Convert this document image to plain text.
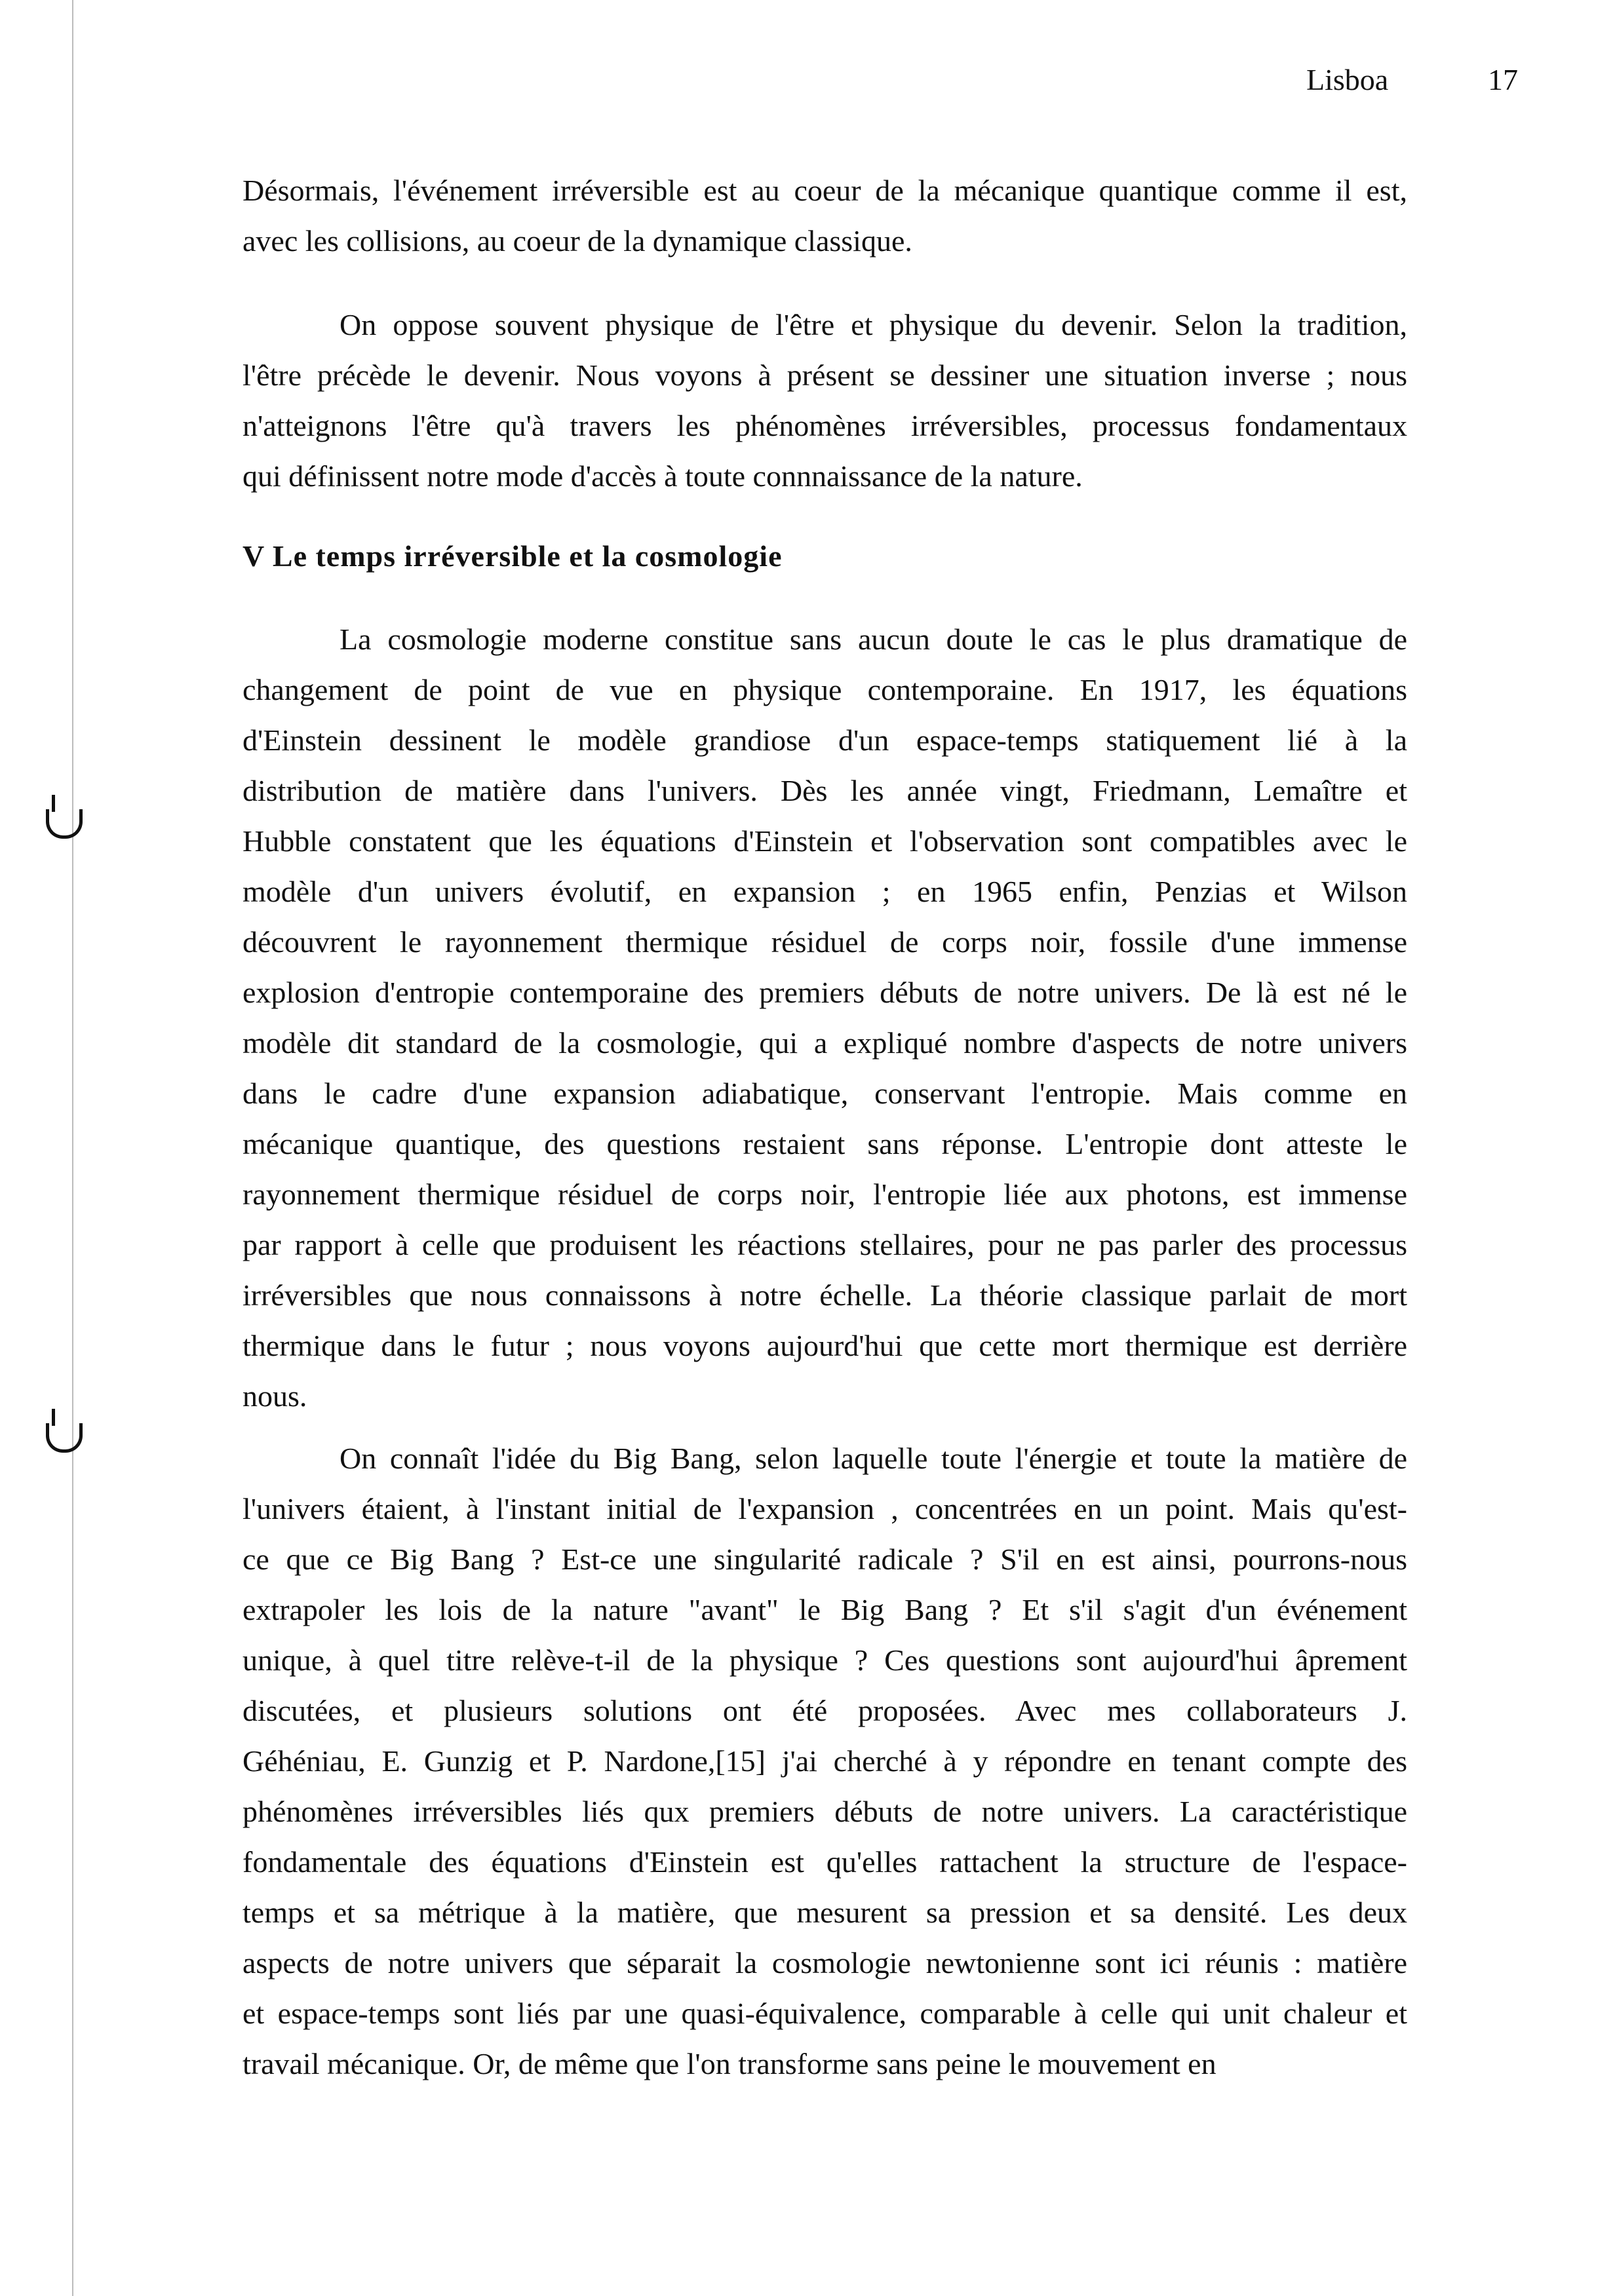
Lisboa	17
Désormais, l'événement irréversible est au coeur de la mécanique quantique comme il est,
avec les collisions, au coeur de la dynamique classique.
On oppose souvent physique de l'être et physique du devenir. Selon la tradition,
l'être précède le devenir. Nous voyons à présent se dessiner une situation inverse ; nous
n'atteignons l'être qu'à travers les phénomènes irréversibles, processus fondamentaux
qui définissent notre mode d'accès à toute connnaissance de la nature.
V Le temps irréversible et la cosmologie
La cosmologie moderne constitue sans aucun doute le cas le plus dramatique de
changement de point de vue en physique contemporaine. En 1917, les équations
d'Einstein dessinent le modèle grandiose d'un espace-temps statiquement lié à la
distribution de matière dans l'univers. Dès les année vingt, Friedmann, Lemaître et
Hubble constatent que les équations d'Einstein et l'observation sont compatibles avec le
modèle d'un univers évolutif, en expansion ; en 1965 enfin, Penzias et Wilson
découvrent le rayonnement thermique résiduel de corps noir, fossile d'une immense
explosion d'entropie contemporaine des premiers débuts de notre univers. De là est né le
modèle dit standard de la cosmologie, qui a expliqué nombre d'aspects de notre univers
dans le cadre d'une expansion adiabatique, conservant l'entropie. Mais comme en
mécanique quantique, des questions restaient sans réponse. L'entropie dont atteste le
rayonnement thermique résiduel de corps noir, l'entropie liée aux photons, est immense
par rapport à celle que produisent les réactions stellaires, pour ne pas parler des processus
irréversibles que nous connaissons à notre échelle. La théorie classique parlait de mort
thermique dans le futur ; nous voyons aujourd'hui que cette mort thermique est derrière
nous.
On connaît l'idée du Big Bang, selon laquelle toute l'énergie et toute la matière de
l'univers étaient, à l'instant initial de l'expansion , concentrées en un point. Mais qu'est-
ce que ce Big Bang ? Est-ce une singularité radicale ? S'il en est ainsi, pourrons-nous
extrapoler les lois de la nature "avant" le Big Bang ? Et s'il s'agit d'un événement
unique, à quel titre relève-t-il de la physique ? Ces questions sont aujourd'hui âprement
discutées, et plusieurs solutions ont été proposées. Avec mes collaborateurs J.
Géhéniau, E. Gunzig et P. Nardone,[15] j'ai cherché à y répondre en tenant compte des
phénomènes irréversibles liés qux premiers débuts de notre univers. La caractéristique
fondamentale des équations d'Einstein est qu'elles rattachent la structure de l'espace-
temps et sa métrique à la matière, que mesurent sa pression et sa densité. Les deux
aspects de notre univers que séparait la cosmologie newtonienne sont ici réunis : matière
et espace-temps sont liés par une quasi-équivalence, comparable à celle qui unit chaleur et
travail mécanique. Or, de même que l'on transforme sans peine le mouvement en
